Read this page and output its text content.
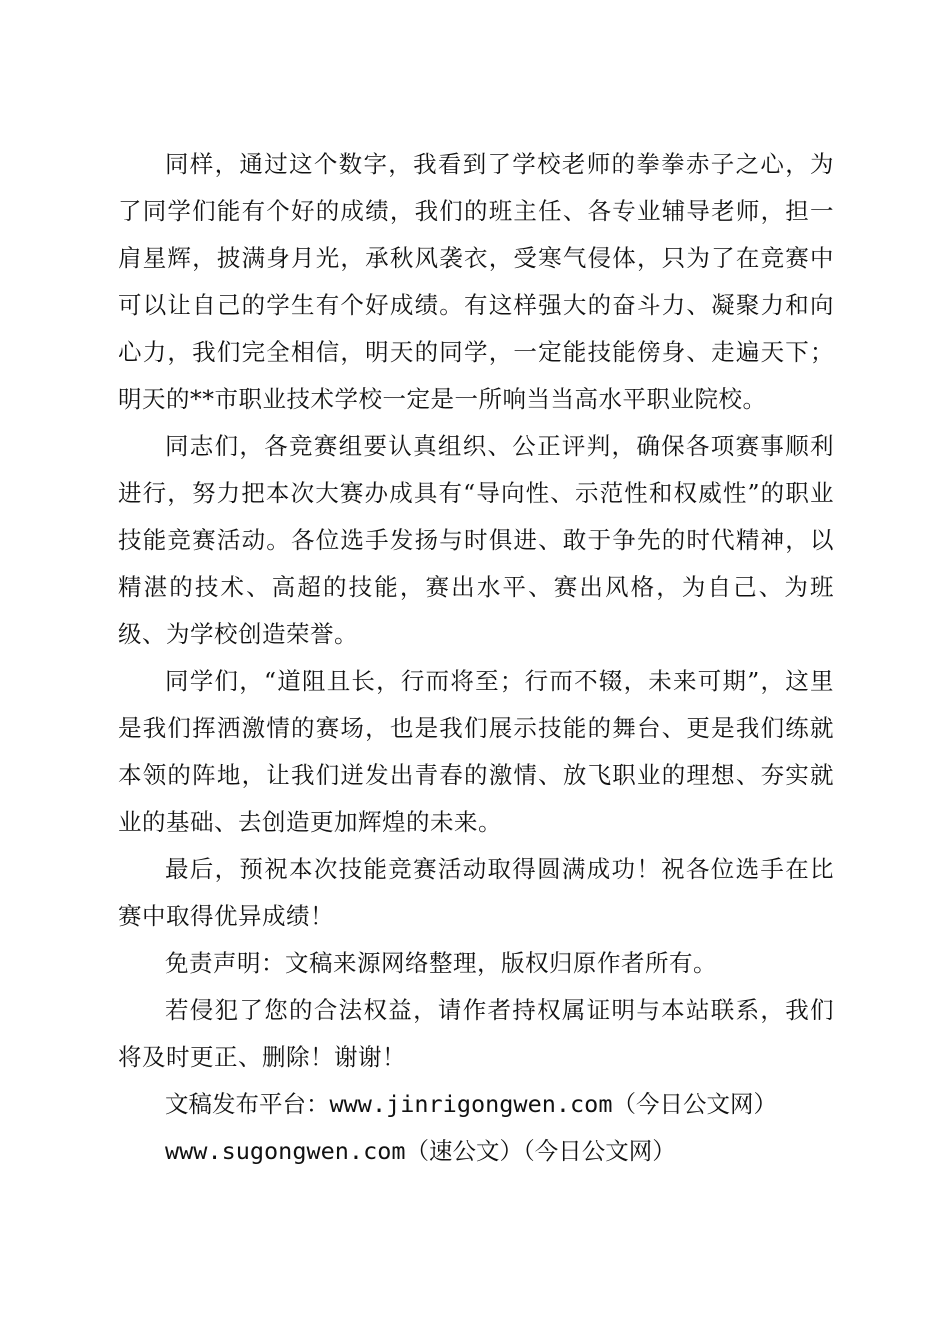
同样，通过这个数字，我看到了学校老师的拳拳赤子之心，为了同学们能有个好的成绩，我们的班主任、各专业辅导老师，担一肩星辉，披满身月光，承秋风袭衣，受寒气侵体，只为了在竞赛中可以让自己的学生有个好成绩。有这样强大的奋斗力、凝聚力和向心力，我们完全相信，明天的同学，一定能技能傍身、走遍天下；明天的**市职业技术学校一定是一所响当当高水平职业院校。

同志们，各竞赛组要认真组织、公正评判，确保各项赛事顺利进行，努力把本次大赛办成具有“导向性、示范性和权威性”的职业技能竞赛活动。各位选手发扬与时俱进、敢于争先的时代精神，以精湛的技术、高超的技能，赛出水平、赛出风格，为自己、为班级、为学校创造荣誉。

同学们，“道阻且长，行而将至；行而不辍，未来可期”，这里是我们挥洒激情的赛场，也是我们展示技能的舞台、更是我们练就本领的阵地，让我们迸发出青春的激情、放飞职业的理想、夯实就业的基础、去创造更加辉煌的未来。

最后，预祝本次技能竞赛活动取得圆满成功！祝各位选手在比赛中取得优异成绩！

免责声明：文稿来源网络整理，版权归原作者所有。

若侵犯了您的合法权益，请作者持权属证明与本站联系，我们将及时更正、删除！谢谢！

文稿发布平台：www.jinrigongwen.com（今日公文网）

www.sugongwen.com（速公文）（今日公文网）
